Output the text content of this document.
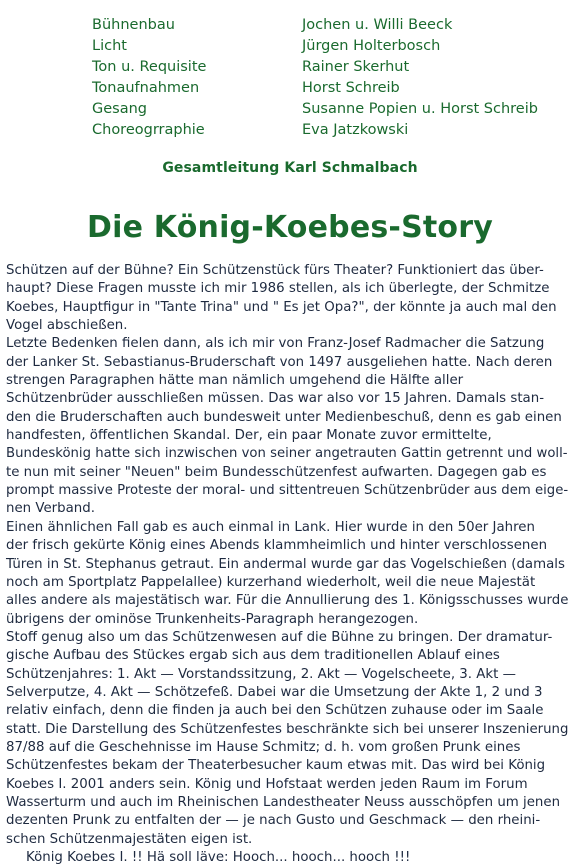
Bühnenbau	Jochen u. Willi Beeck
Licht	Jürgen Holterbosch
Ton u. Requisite	Rainer Skerhut
Tonaufnahmen	Horst Schreib
Gesang	Susanne Popien u. Horst Schreib
Choreogrraphie	Eva Jatzkowski
Gesamtleitung Karl Schmalbach
Die König-Koebes-Story

Schützen auf der Bühne? Ein Schützenstück fürs Theater? Funktioniert das über-
haupt? Diese Fragen musste ich mir 1986 stellen, als ich überlegte, der Schmitze
Koebes, Hauptfigur in "Tante Trina" und " Es jet Opa?", der könnte ja auch mal den
Vogel abschießen.

Letzte Bedenken fielen dann, als ich mir von Franz-Josef Radmacher die Satzung
der Lanker St. Sebastianus-Bruderschaft von 1497 ausgeliehen hatte. Nach deren
strengen Paragraphen hätte man nämlich umgehend die Hälfte aller
Schützenbrüder ausschließen müssen. Das war also vor 15 Jahren. Damals stan-
den die Bruderschaften auch bundesweit unter Medienbeschuß, denn es gab einen
handfesten, öffentlichen Skandal. Der, ein paar Monate zuvor ermittelte,
Bundeskönig hatte sich inzwischen von seiner angetrauten Gattin getrennt und woll-
te nun mit seiner "Neuen" beim Bundesschützenfest aufwarten. Dagegen gab es
prompt massive Proteste der moral- und sittentreuen Schützenbrüder aus dem eige-
nen Verband.

Einen ähnlichen Fall gab es auch einmal in Lank. Hier wurde in den 50er Jahren
der frisch gekürte König eines Abends klammheimlich und hinter verschlossenen
Türen in St. Stephanus getraut. Ein andermal wurde gar das Vogelschießen (damals
noch am Sportplatz Pappelallee) kurzerhand wiederholt, weil die neue Majestät
alles andere als majestätisch war. Für die Annullierung des 1. Königsschusses wurde
übrigens der ominöse Trunkenheits-Paragraph herangezogen.

Stoff genug also um das Schützenwesen auf die Bühne zu bringen. Der dramatur-
gische Aufbau des Stückes ergab sich aus dem traditionellen Ablauf eines
Schützenjahres: 1. Akt — Vorstandssitzung, 2. Akt — Vogelscheete, 3. Akt —
Selverputze, 4. Akt — Schötzefeß. Dabei war die Umsetzung der Akte 1, 2 und 3
relativ einfach, denn die finden ja auch bei den Schützen zuhause oder im Saale
statt. Die Darstellung des Schützenfestes beschränkte sich bei unserer Inszenierung
87/88 auf die Geschehnisse im Hause Schmitz; d. h. vom großen Prunk eines
Schützenfestes bekam der Theaterbesucher kaum etwas mit. Das wird bei König
Koebes I. 2001 anders sein. König und Hofstaat werden jeden Raum im Forum
Wasserturm und auch im Rheinischen Landestheater Neuss ausschöpfen um jenen
dezenten Prunk zu entfalten der — je nach Gusto und Geschmack — den rheini-
schen Schützenmajestäten eigen ist.

König Koebes I. !! Hä soll läve: Hooch... hooch... hooch !!!
